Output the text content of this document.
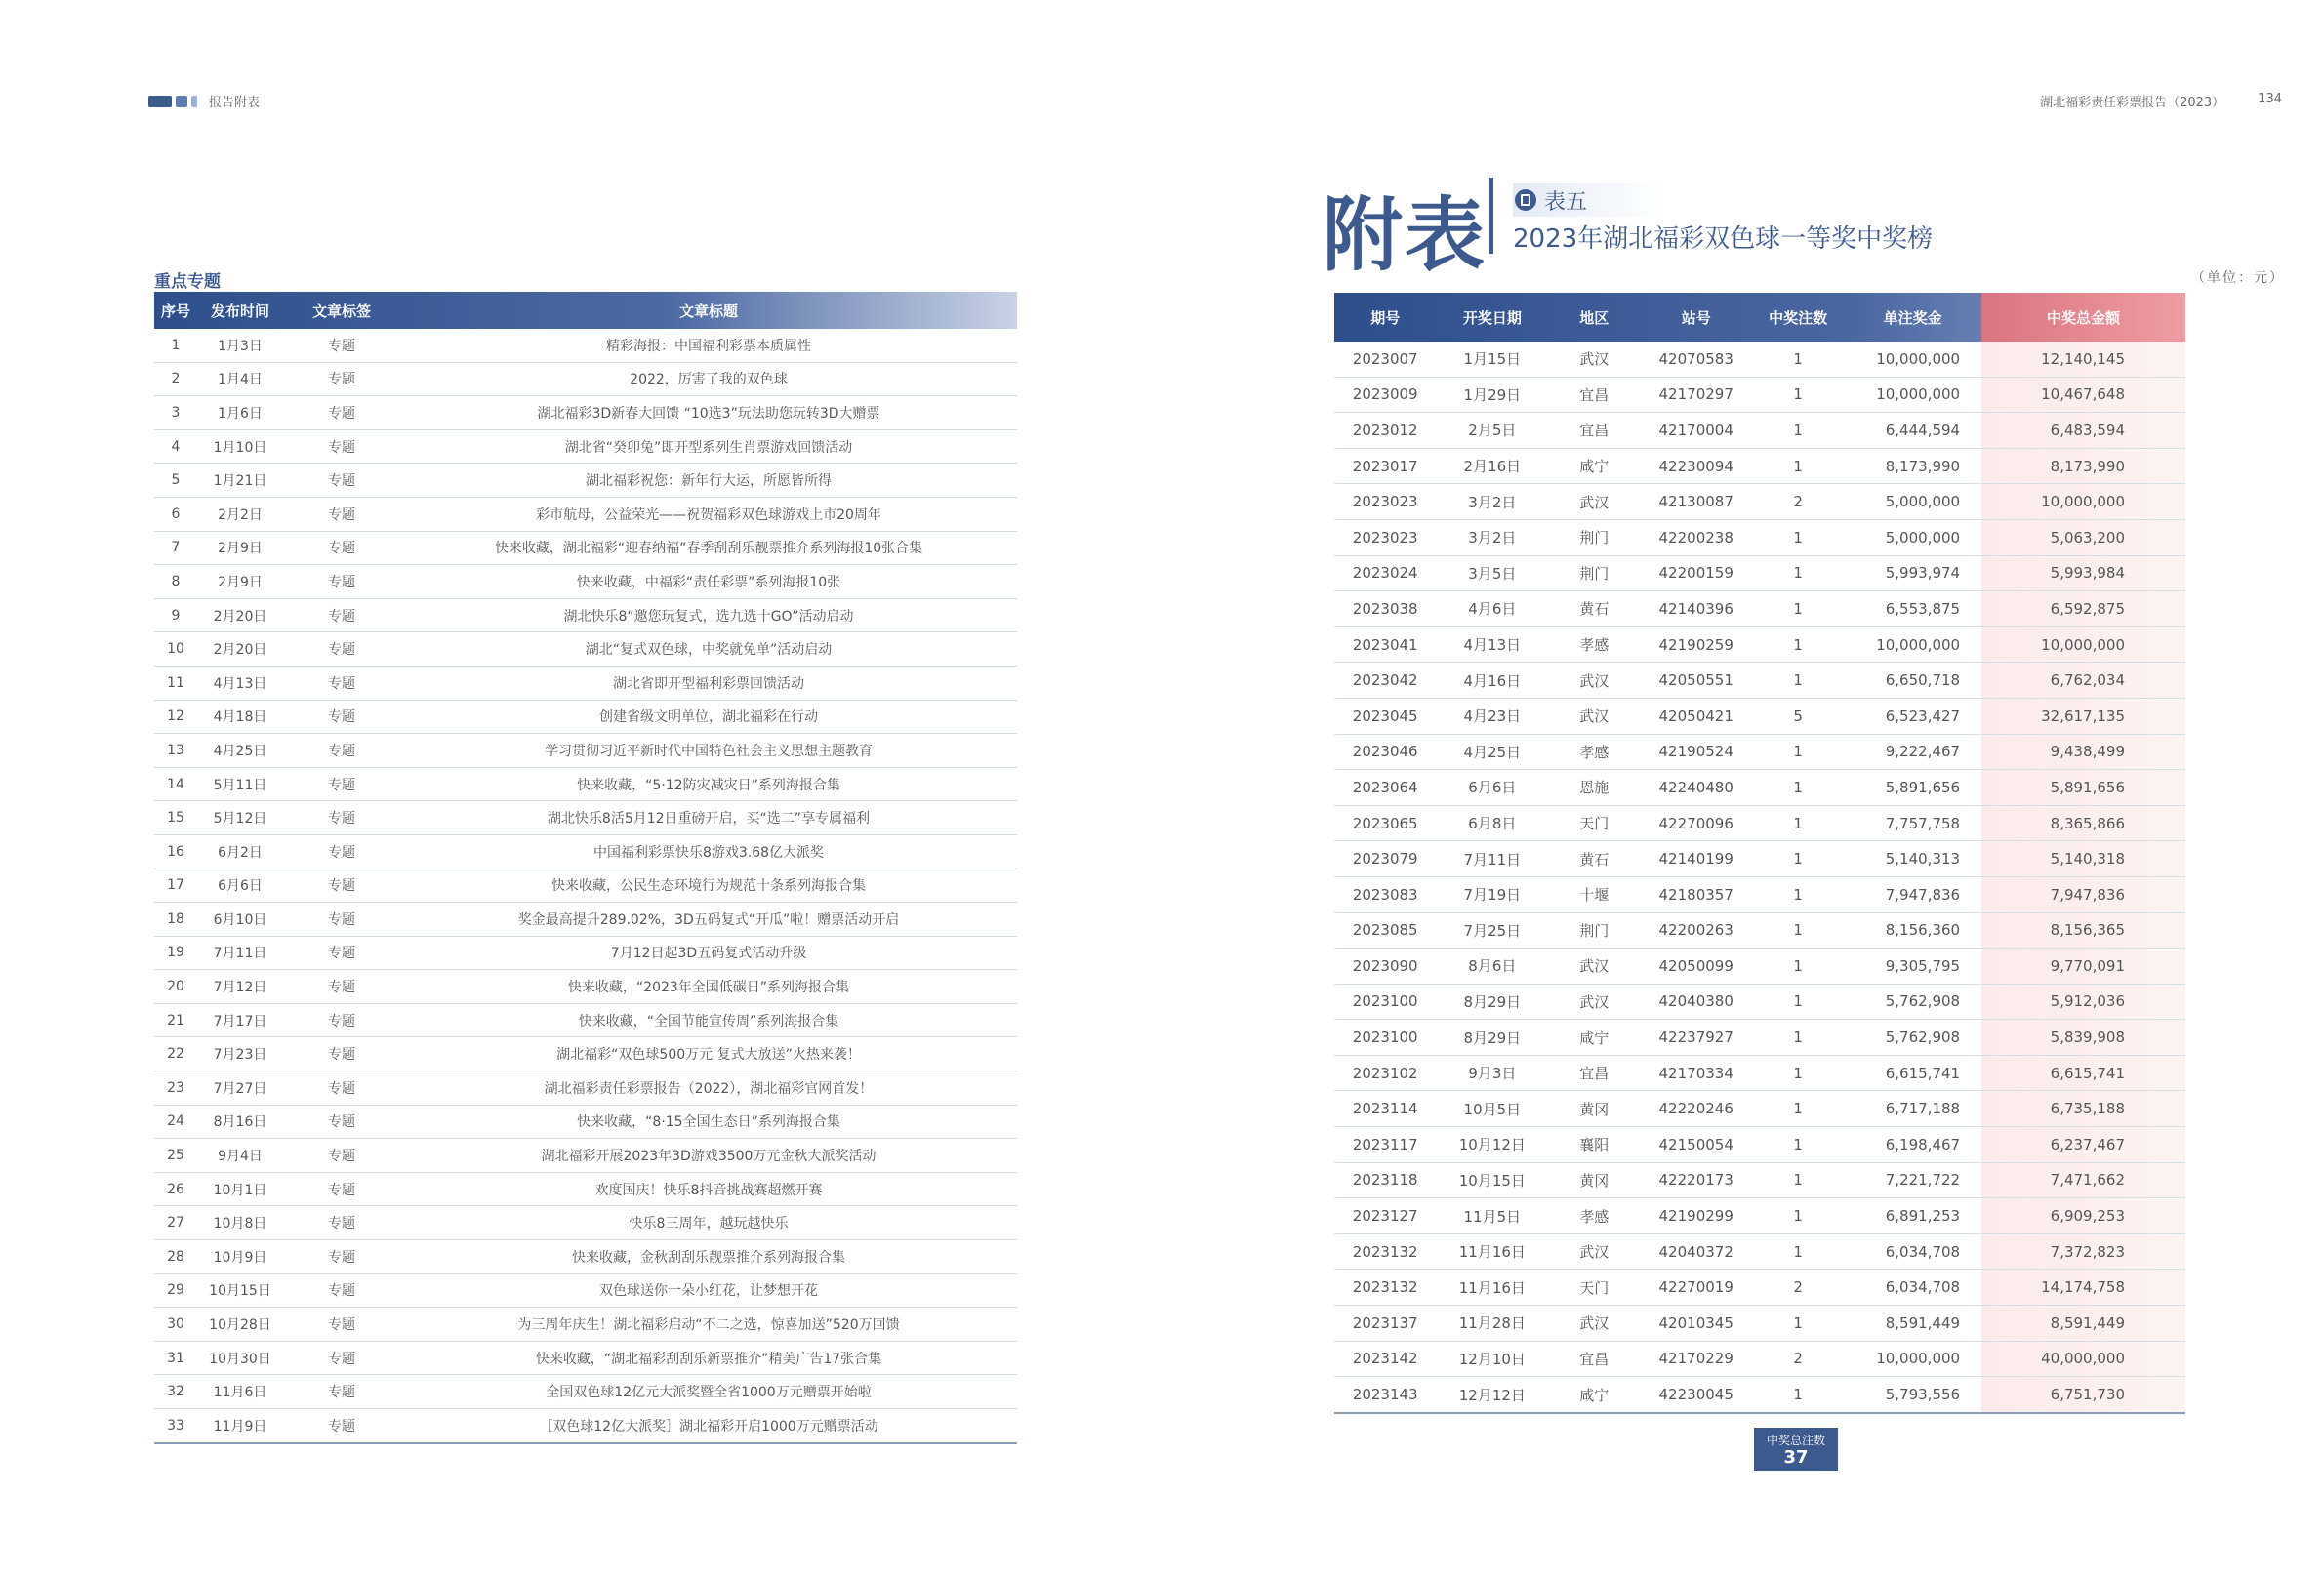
报告附表
重点专题
序号	发布时间	文章标签	文章标题
1	1月3日	专题	精彩海报：中国福利彩票本质属性
2	1月4日	专题	2022，厉害了我的双色球
3	1月6日	专题	湖北福彩3D新春大回馈 “10选3”玩法助您玩转3D大赠票
4	1月10日	专题	湖北省“癸卯兔”即开型系列生肖票游戏回馈活动
5	1月21日	专题	湖北福彩祝您：新年行大运，所愿皆所得
6	2月2日	专题	彩市航母，公益荣光——祝贺福彩双色球游戏上市20周年
7	2月9日	专题	快来收藏，湖北福彩“迎春纳福”春季刮刮乐靓票推介系列海报10张合集
8	2月9日	专题	快来收藏，中福彩“责任彩票”系列海报10张
9	2月20日	专题	湖北快乐8“邀您玩复式，选九选十GO”活动启动
10	2月20日	专题	湖北“复式双色球，中奖就免单”活动启动
11	4月13日	专题	湖北省即开型福利彩票回馈活动
12	4月18日	专题	创建省级文明单位，湖北福彩在行动
13	4月25日	专题	学习贯彻习近平新时代中国特色社会主义思想主题教育
14	5月11日	专题	快来收藏，“5·12防灾减灾日”系列海报合集
15	5月12日	专题	湖北快乐8活5月12日重磅开启，买“选二”享专属福利
16	6月2日	专题	中国福利彩票快乐8游戏3.68亿大派奖
17	6月6日	专题	快来收藏，公民生态环境行为规范十条系列海报合集
18	6月10日	专题	奖金最高提升289.02%，3D五码复式“开瓜”啦！赠票活动开启
19	7月11日	专题	7月12日起3D五码复式活动升级
20	7月12日	专题	快来收藏，“2023年全国低碳日”系列海报合集
21	7月17日	专题	快来收藏，“全国节能宣传周”系列海报合集
22	7月23日	专题	湖北福彩“双色球500万元 复式大放送”火热来袭！
23	7月27日	专题	湖北福彩责任彩票报告（2022），湖北福彩官网首发！
24	8月16日	专题	快来收藏，“8·15全国生态日”系列海报合集
25	9月4日	专题	湖北福彩开展2023年3D游戏3500万元金秋大派奖活动
26	10月1日	专题	欢度国庆！快乐8抖音挑战赛超燃开赛
27	10月8日	专题	快乐8三周年，越玩越快乐
28	10月9日	专题	快来收藏，金秋刮刮乐靓票推介系列海报合集
29	10月15日	专题	双色球送你一朵小红花，让梦想开花
30	10月28日	专题	为三周年庆生！湖北福彩启动“不二之选，惊喜加送”520万回馈
31	10月30日	专题	快来收藏，“湖北福彩刮刮乐新票推介”精美广告17张合集
32	11月6日	专题	全国双色球12亿元大派奖暨全省1000万元赠票开始啦
33	11月9日	专题	［双色球12亿大派奖］湖北福彩开启1000万元赠票活动
湖北福彩责任彩票报告（2023）	134
附表	表五
2023年湖北福彩双色球一等奖中奖榜
（单位：元）
期号	开奖日期	地区	站号	中奖注数	单注奖金	中奖总金额
2023007	1月15日	武汉	42070583	1	10,000,000	12,140,145
2023009	1月29日	宜昌	42170297	1	10,000,000	10,467,648
2023012	2月5日	宜昌	42170004	1	6,444,594	6,483,594
2023017	2月16日	咸宁	42230094	1	8,173,990	8,173,990
2023023	3月2日	武汉	42130087	2	5,000,000	10,000,000
2023023	3月2日	荆门	42200238	1	5,000,000	5,063,200
2023024	3月5日	荆门	42200159	1	5,993,974	5,993,984
2023038	4月6日	黄石	42140396	1	6,553,875	6,592,875
2023041	4月13日	孝感	42190259	1	10,000,000	10,000,000
2023042	4月16日	武汉	42050551	1	6,650,718	6,762,034
2023045	4月23日	武汉	42050421	5	6,523,427	32,617,135
2023046	4月25日	孝感	42190524	1	9,222,467	9,438,499
2023064	6月6日	恩施	42240480	1	5,891,656	5,891,656
2023065	6月8日	天门	42270096	1	7,757,758	8,365,866
2023079	7月11日	黄石	42140199	1	5,140,313	5,140,318
2023083	7月19日	十堰	42180357	1	7,947,836	7,947,836
2023085	7月25日	荆门	42200263	1	8,156,360	8,156,365
2023090	8月6日	武汉	42050099	1	9,305,795	9,770,091
2023100	8月29日	武汉	42040380	1	5,762,908	5,912,036
2023100	8月29日	咸宁	42237927	1	5,762,908	5,839,908
2023102	9月3日	宜昌	42170334	1	6,615,741	6,615,741
2023114	10月5日	黄冈	42220246	1	6,717,188	6,735,188
2023117	10月12日	襄阳	42150054	1	6,198,467	6,237,467
2023118	10月15日	黄冈	42220173	1	7,221,722	7,471,662
2023127	11月5日	孝感	42190299	1	6,891,253	6,909,253
2023132	11月16日	武汉	42040372	1	6,034,708	7,372,823
2023132	11月16日	天门	42270019	2	6,034,708	14,174,758
2023137	11月28日	武汉	42010345	1	8,591,449	8,591,449
2023142	12月10日	宜昌	42170229	2	10,000,000	40,000,000
2023143	12月12日	咸宁	42230045	1	5,793,556	6,751,730
中奖总注数
37
